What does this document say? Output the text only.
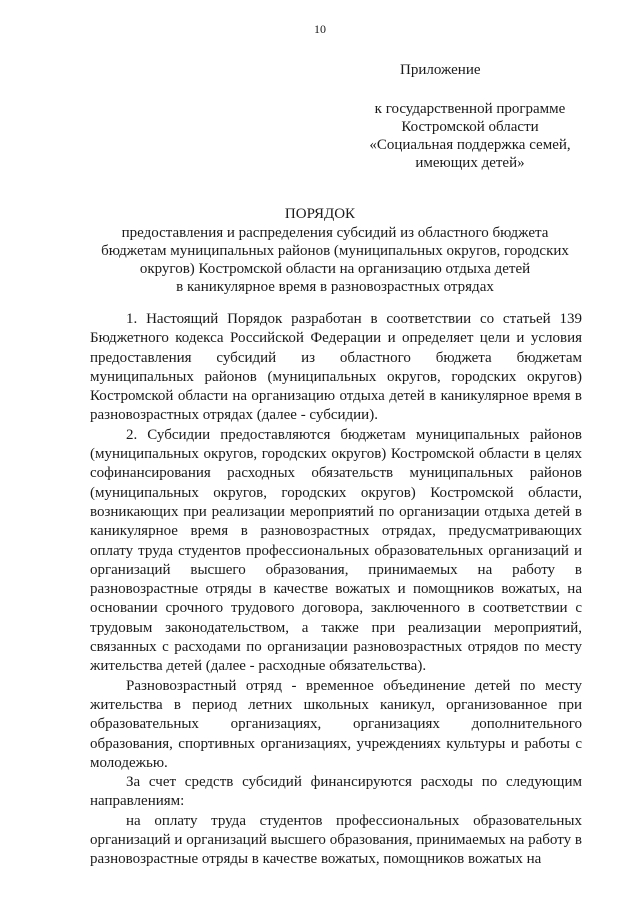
10
Приложение
к государственной программе
Костромской области
«Социальная поддержка семей,
имеющих детей»
ПОРЯДОК
предоставления и распределения субсидий из областного бюджета
бюджетам муниципальных районов (муниципальных округов, городских
округов) Костромской области на организацию отдыха детей
в каникулярное время в разновозрастных отрядах

1. Настоящий Порядок разработан в соответствии со статьей 139 Бюджетного кодекса Российской Федерации и определяет цели и условия предоставления субсидий из областного бюджета бюджетам муниципальных районов (муниципальных округов, городских округов) Костромской области на организацию отдыха детей в каникулярное время в разновозрастных отрядах (далее - субсидии).

2. Субсидии предоставляются бюджетам муниципальных районов (муниципальных округов, городских округов) Костромской области в целях софинансирования расходных обязательств муниципальных районов (муниципальных округов, городских округов) Костромской области, возникающих при реализации мероприятий по организации отдыха детей в каникулярное время в разновозрастных отрядах, предусматривающих оплату труда студентов профессиональных образовательных организаций и организаций высшего образования, принимаемых на работу в разновозрастные отряды в качестве вожатых и помощников вожатых, на основании срочного трудового договора, заключенного в соответствии с трудовым законодательством, а также при реализации мероприятий, связанных с расходами по организации разновозрастных отрядов по месту жительства детей (далее - расходные обязательства).

Разновозрастный отряд - временное объединение детей по месту жительства в период летних школьных каникул, организованное при образовательных организациях, организациях дополнительного образования, спортивных организациях, учреждениях культуры и работы с молодежью.

За счет средств субсидий финансируются расходы по следующим направлениям:

на оплату труда студентов профессиональных образовательных организаций и организаций высшего образования, принимаемых на работу в разновозрастные отряды в качестве вожатых, помощников вожатых на
